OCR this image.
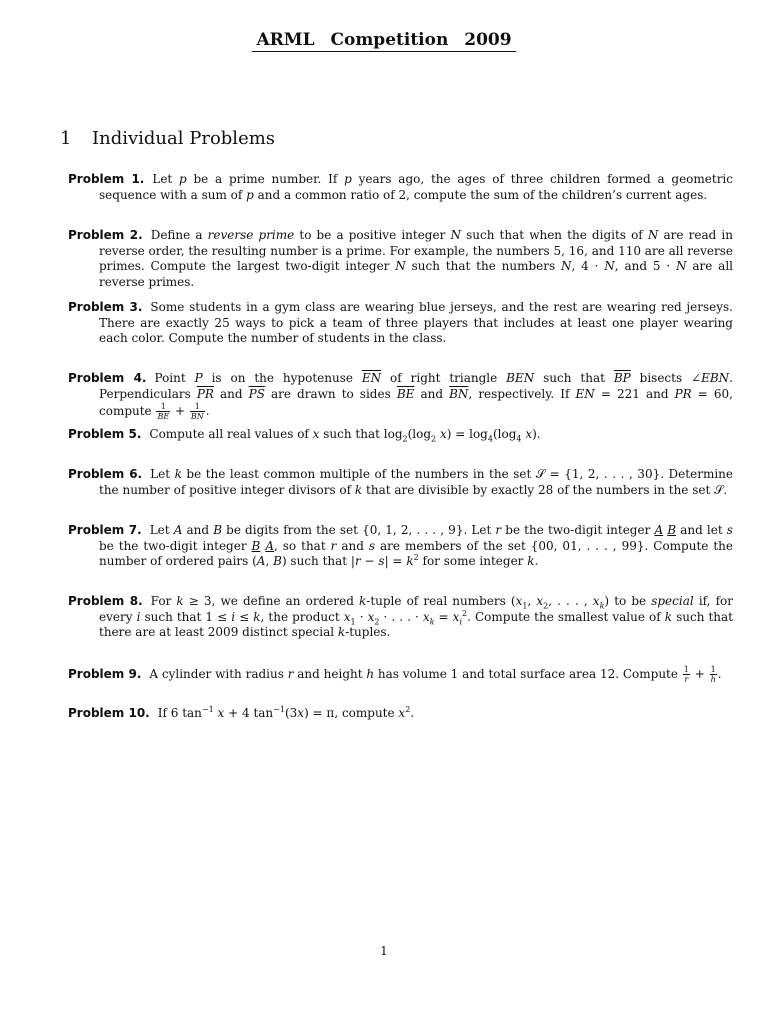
ARML Competition 2009
1 Individual Problems
Problem 1. Let p be a prime number. If p years ago, the ages of three children formed a geometric sequence with a sum of p and a common ratio of 2, compute the sum of the children’s current ages.
Problem 2. Define a reverse prime to be a positive integer N such that when the digits of N are read in reverse order, the resulting number is a prime. For example, the numbers 5, 16, and 110 are all reverse primes. Compute the largest two-digit integer N such that the numbers N, 4 · N, and 5 · N are all reverse primes.
Problem 3. Some students in a gym class are wearing blue jerseys, and the rest are wearing red jerseys. There are exactly 25 ways to pick a team of three players that includes at least one player wearing each color. Compute the number of students in the class.
Problem 4. Point P is on the hypotenuse $\overline{EN}$ of right triangle BEN such that $\overline{BP}$ bisects ∠EBN. Perpendiculars $\overline{PR}$ and $\overline{PS}$ are drawn to sides $\overline{BE}$ and $\overline{BN}$, respectively. If EN = 221 and PR = 60, compute $\frac{1}{BE} + \frac{1}{BN}$ .
Problem 5. Compute all real values of x such that $\log_2(\log_2$ $x) = \log_4(\log_4$ x).
Problem 6. Let k be the least common multiple of the numbers in the set 𝒮 = {1, 2, . . . , 30}. Determine the number of positive integer divisors of k that are divisible by exactly 28 of the numbers in the set 𝒮.
Problem 7. Let A and B be digits from the set {0, 1, 2, . . . , 9}. Let r be the two-digit integer A B and let s be the two-digit integer B A, so that r and s are members of the set {00, 01, . . . , 99}. Compute the number of ordered pairs (A, B) such that $|r - s| = k^2$ for some integer k.
Problem 8. For k ≥ 3, we define an ordered k-tuple of real numbers ($x_1$, $x_2$, . . . , $x_k$) to be special if, for every i such that 1 ≤ i ≤ k, the product $x_1 \cdot x_2$ · . . . · $x_k = x_i^2$. Compute the smallest value of k such that there are at least 2009 distinct special k-tuples.
Problem 9. A cylinder with radius r and height h has volume 1 and total surface area 12. Compute $\frac{1}{r} + \frac{1}{h}$ .
Problem 10. If 6 $\tan^{-1} x + 4$ $\tan^{-1}(3x) = \pi$, compute $x^2$.
1
